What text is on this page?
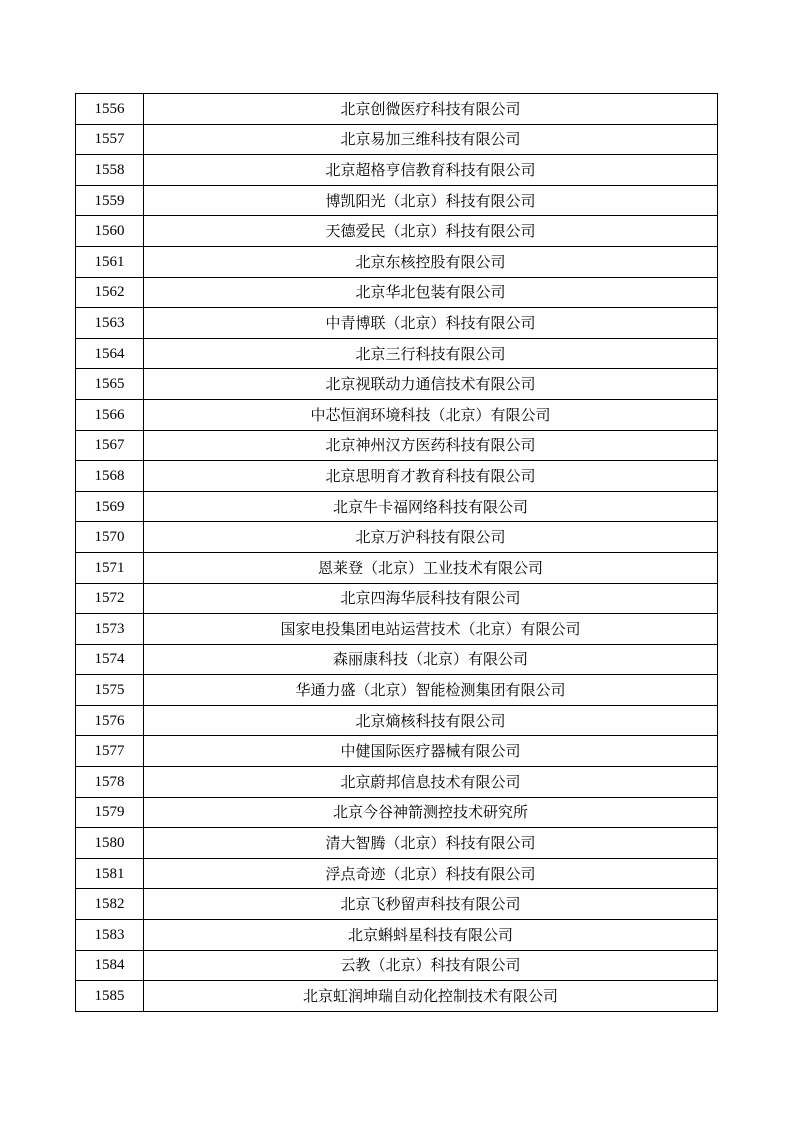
1556	北京创微医疗科技有限公司
1557	北京易加三维科技有限公司
1558	北京超格亨信教育科技有限公司
1559	博凯阳光（北京）科技有限公司
1560	天德爱民（北京）科技有限公司
1561	北京东核控股有限公司
1562	北京华北包装有限公司
1563	中青博联（北京）科技有限公司
1564	北京三行科技有限公司
1565	北京视联动力通信技术有限公司
1566	中芯恒润环境科技（北京）有限公司
1567	北京神州汉方医药科技有限公司
1568	北京思明育才教育科技有限公司
1569	北京牛卡福网络科技有限公司
1570	北京万沪科技有限公司
1571	恩莱登（北京）工业技术有限公司
1572	北京四海华辰科技有限公司
1573	国家电投集团电站运营技术（北京）有限公司
1574	森丽康科技（北京）有限公司
1575	华通力盛（北京）智能检测集团有限公司
1576	北京熵核科技有限公司
1577	中健国际医疗器械有限公司
1578	北京蔚邦信息技术有限公司
1579	北京今谷神箭测控技术研究所
1580	清大智腾（北京）科技有限公司
1581	浮点奇迹（北京）科技有限公司
1582	北京飞秒留声科技有限公司
1583	北京蝌蚪星科技有限公司
1584	云教（北京）科技有限公司
1585	北京虹润坤瑞自动化控制技术有限公司
